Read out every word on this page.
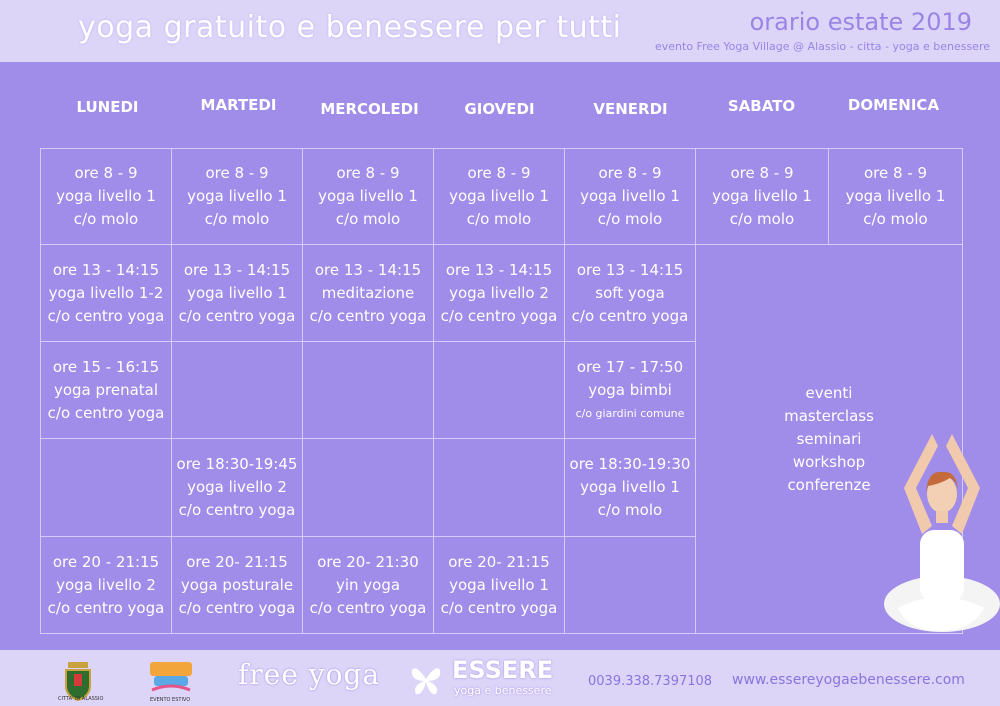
yoga gratuito e benessere per tutti	orario estate 2019
evento Free Yoga Village @ Alassio - citta - yoga e benessere
LUNEDI	MARTEDI	MERCOLEDI	GIOVEDI	VENERDI	SABATO	DOMENICA
ore 8 - 9
yoga livello 1
c/o molo	ore 8 - 9
yoga livello 1
c/o molo	ore 8 - 9
yoga livello 1
c/o molo	ore 8 - 9
yoga livello 1
c/o molo	ore 8 - 9
yoga livello 1
c/o molo	ore 8 - 9
yoga livello 1
c/o molo	ore 8 - 9
yoga livello 1
c/o molo

ore 13 - 14:15
yoga livello 1-2
c/o centro yoga	ore 13 - 14:15
yoga livello 1
c/o centro yoga	ore 13 - 14:15
meditazione
c/o centro yoga	ore 13 - 14:15
yoga livello 2
c/o centro yoga	ore 13 - 14:15
soft yoga
c/o centro yoga	eventi
masterclass
seminari
workshop
conferenze	

ore 15 - 16:15
yoga prenatal
c/o centro yoga				ore 17 - 17:50
yoga bimbi
c/o giardini comune		

	ore 18:30-19:45
yoga livello 2
c/o centro yoga			ore 18:30-19:30
yoga livello 1
c/o molo		

ore 20 - 21:15
yoga livello 2
c/o centro yoga	ore 20- 21:15
yoga posturale
c/o centro yoga	ore 20- 21:30
yin yoga
c/o centro yoga	ore 20- 21:15
yoga livello 1
c/o centro yoga			

CITTA' DI ALASSIO	EVENTO ESTIVO
free yoga	ESSERE
yoga e benessere
0039.338.7397108 www.essereyogaebenessere.com
